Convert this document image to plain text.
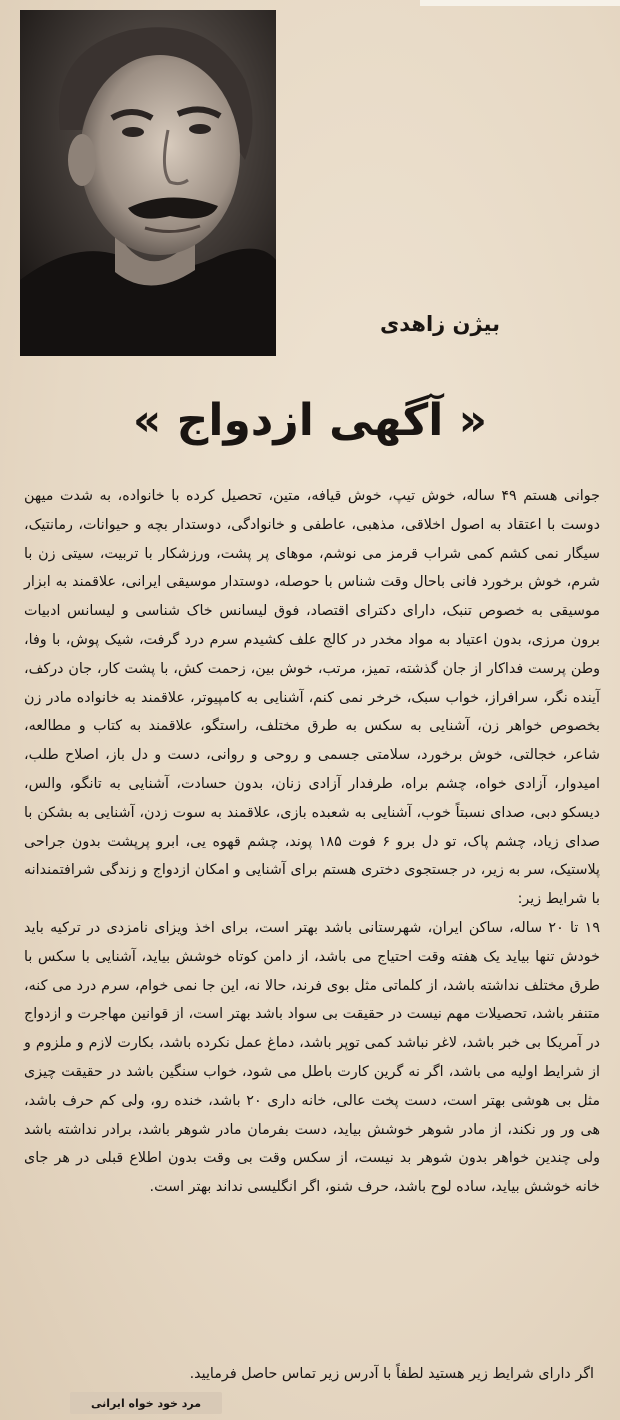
بیژن زاهدی
« آگهی ازدواج »

جوانی هستم ۴۹ ساله، خوش تیپ، خوش قیافه، متین، تحصیل کرده با خانواده، به شدت میهن دوست با اعتقاد به اصول اخلاقی، مذهبی، عاطفی و خانوادگی، دوستدار بچه و حیوانات، رمانتیک، سیگار نمی کشم کمی شراب قرمز می نوشم، موهای پر پشت، ورزشکار با تربیت، سیتی زن با شرم، خوش برخورد فانی باحال وقت شناس با حوصله، دوستدار موسیقی ایرانی، علاقمند به ابزار موسیقی به خصوص تنبک، دارای دکترای اقتصاد، فوق لیسانس خاک شناسی و لیسانس ادبیات برون مرزی، بدون اعتیاد به مواد مخدر در کالج علف کشیدم سرم درد گرفت، شیک پوش، با وفا، وطن پرست فداکار از جان گذشته، تمیز، مرتب، خوش بین، زحمت کش، با پشت کار، جان درکف، آینده نگر، سرافراز، خواب سبک، خرخر نمی کنم، آشنایی به کامپیوتر، علاقمند به خانواده مادر زن بخصوص خواهر زن، آشنایی به سکس به طرق مختلف، راستگو، علاقمند به کتاب و مطالعه، شاعر، خجالتی، خوش برخورد، سلامتی جسمی و روحی و روانی، دست و دل باز، اصلاح طلب، امیدوار، آزادی خواه، چشم براه، طرفدار آزادی زنان، بدون حسادت، آشنایی به تانگو، والس، دیسکو دبی، صدای نسبتاً خوب، آشنایی به شعبده بازی، علاقمند به سوت زدن، آشنایی به بشکن با صدای زیاد، چشم پاک، تو دل برو ۶ فوت ۱۸۵ پوند، چشم قهوه یی، ابرو پرپشت بدون جراحی پلاستیک، سر به زیر، در جستجوی دختری هستم برای آشنایی و امکان ازدواج و زندگی شرافتمندانه با شرایط زیر:

۱۹ تا ۲۰ ساله، ساکن ایران، شهرستانی باشد بهتر است، برای اخذ ویزای نامزدی در ترکیه باید خودش تنها بیاید یک هفته وقت احتیاج می باشد، از دامن کوتاه خوشش بیاید، آشنایی با سکس با طرق مختلف نداشته باشد، از کلماتی مثل بوی فرند، حالا نه، این جا نمی خوام، سرم درد می کنه، متنفر باشد، تحصیلات مهم نیست در حقیقت بی سواد باشد بهتر است، از قوانین مهاجرت و ازدواج در آمریکا بی خبر باشد، لاغر نباشد کمی توپر باشد، دماغ عمل نکرده باشد، بکارت لازم و ملزوم و از شرایط اولیه می باشد، اگر نه گرین کارت باطل می شود، خواب سنگین باشد در حقیقت چیزی مثل بی هوشی بهتر است، دست پخت عالی، خانه داری ۲۰ باشد، خنده رو، ولی کم حرف باشد، هی ور ور نکند، از مادر شوهر خوشش بیاید، دست بفرمان مادر شوهر باشد، برادر نداشته باشد ولی چندین خواهر بدون شوهر بد نیست، از سکس وقت بی وقت بدون اطلاع قبلی در هر جای خانه خوشش بیاید، ساده لوح باشد، حرف شنو، اگر انگلیسی نداند بهتر است.

اگر دارای شرایط زیر هستید لطفاً با آدرس زیر تماس حاصل فرمایید.
مرد خود خواه ایرانی
